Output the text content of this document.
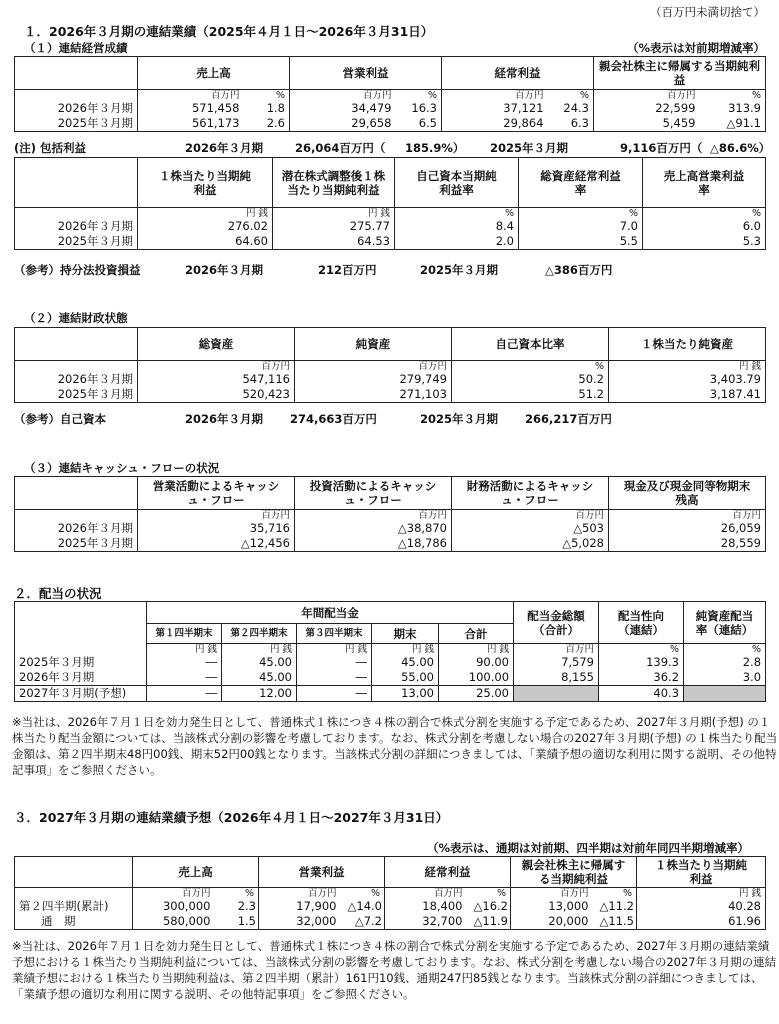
（百万円未満切捨て）
１．2026年３月期の連結業績（2025年４月１日～2026年３月31日）
（１）連結経営成績	（%表示は対前期増減率）
	売上高		営業利益		経常利益		親会社株主に帰属する当期純利益	
	百万円	%	百万円	%	百万円	%	百万円	%
2026年３月期	571,458	1.8	34,479	16.3	37,121	24.3	22,599	313.9
2025年３月期	561,173	2.6	29,658	6.5	29,864	6.3	5,459	△91.1
(注) 包括利益	2026年３月期	26,064百万円（ 185.9%） 2025年３月期	9,116百万円（ △86.6%）
	１株当たり当期純利益	潜在株式調整後１株当たり当期純利益	自己資本当期純利益率	総資産経常利益率	売上高営業利益率
	円 銭	円 銭	%	%	%
2026年３月期	276.02	275.77	8.4	7.0	6.0
2025年３月期	64.60	64.53	2.0	5.5	5.3
（参考）持分法投資損益	2026年３月期	212百万円	2025年３月期	△386百万円
（２）連結財政状態
	総資産	純資産	自己資本比率	１株当たり純資産
	百万円	百万円	%	円 銭
2026年３月期	547,116	279,749	50.2	3,403.79
2025年３月期	520,423	271,103	51.2	3,187.41
（参考）自己資本	2026年３月期 274,663百万円	2025年３月期 266,217百万円
（３）連結キャッシュ・フローの状況
	営業活動によるキャッシュ・フロー	投資活動によるキャッシュ・フロー	財務活動によるキャッシュ・フロー	現金及び現金同等物期末残高
	百万円	百万円	百万円	百万円
2026年３月期	35,716	△38,870	△503	26,059
2025年３月期	△12,456	△18,786	△5,028	28,559
２．配当の状況
	年間配当金					配当金総額（合計）	配当性向（連結）	純資産配当率（連結）
	第１四半期末	第２四半期末	第３四半期末	期末	合計			
	円 銭	円 銭	円 銭	円 銭	円 銭	百万円	%	%
2025年３月期	―	45.00	―	45.00	90.00	7,579	139.3	2.8
2026年３月期	―	45.00	―	55.00	100.00	8,155	36.2	3.0
2027年３月期(予想)	―	12.00	―	13.00	25.00		40.3	
※当社は、2026年７月１日を効力発生日として、普通株式１株につき４株の割合で株式分割を実施する予定であるため、2027年３月期(予想) の１株当たり配当金額については、当該株式分割の影響を考慮しております。なお、株式分割を考慮しない場合の2027年３月期(予想) の１株当たり配当金額は、第２四半期末48円00銭、期末52円00銭となります。当該株式分割の詳細につきましては、「業績予想の適切な利用に関する説明、その他特記事項」をご参照ください。
３．2027年３月期の連結業績予想（2026年４月１日～2027年３月31日）
（%表示は、通期は対前期、四半期は対前年同四半期増減率）
	売上高		営業利益		経常利益		親会社株主に帰属する当期純利益		１株当たり当期純利益
	百万円	%	百万円	%	百万円	%	百万円	%	円 銭
第２四半期(累計)	300,000	2.3	17,900	△14.0	18,400	△16.2	13,000	△11.2	40.28
通　期	580,000	1.5	32,000	△7.2	32,700	△11.9	20,000	△11.5	61.96
※当社は、2026年７月１日を効力発生日として、普通株式１株につき４株の割合で株式分割を実施する予定であるため、2027年３月期の連結業績予想における１株当たり当期純利益については、当該株式分割の影響を考慮しております。なお、株式分割を考慮しない場合の2027年３月期の連結業績予想における１株当たり当期純利益は、第２四半期（累計）161円10銭、通期247円85銭となります。当該株式分割の詳細につきましては、「業績予想の適切な利用に関する説明、その他特記事項」をご参照ください。
